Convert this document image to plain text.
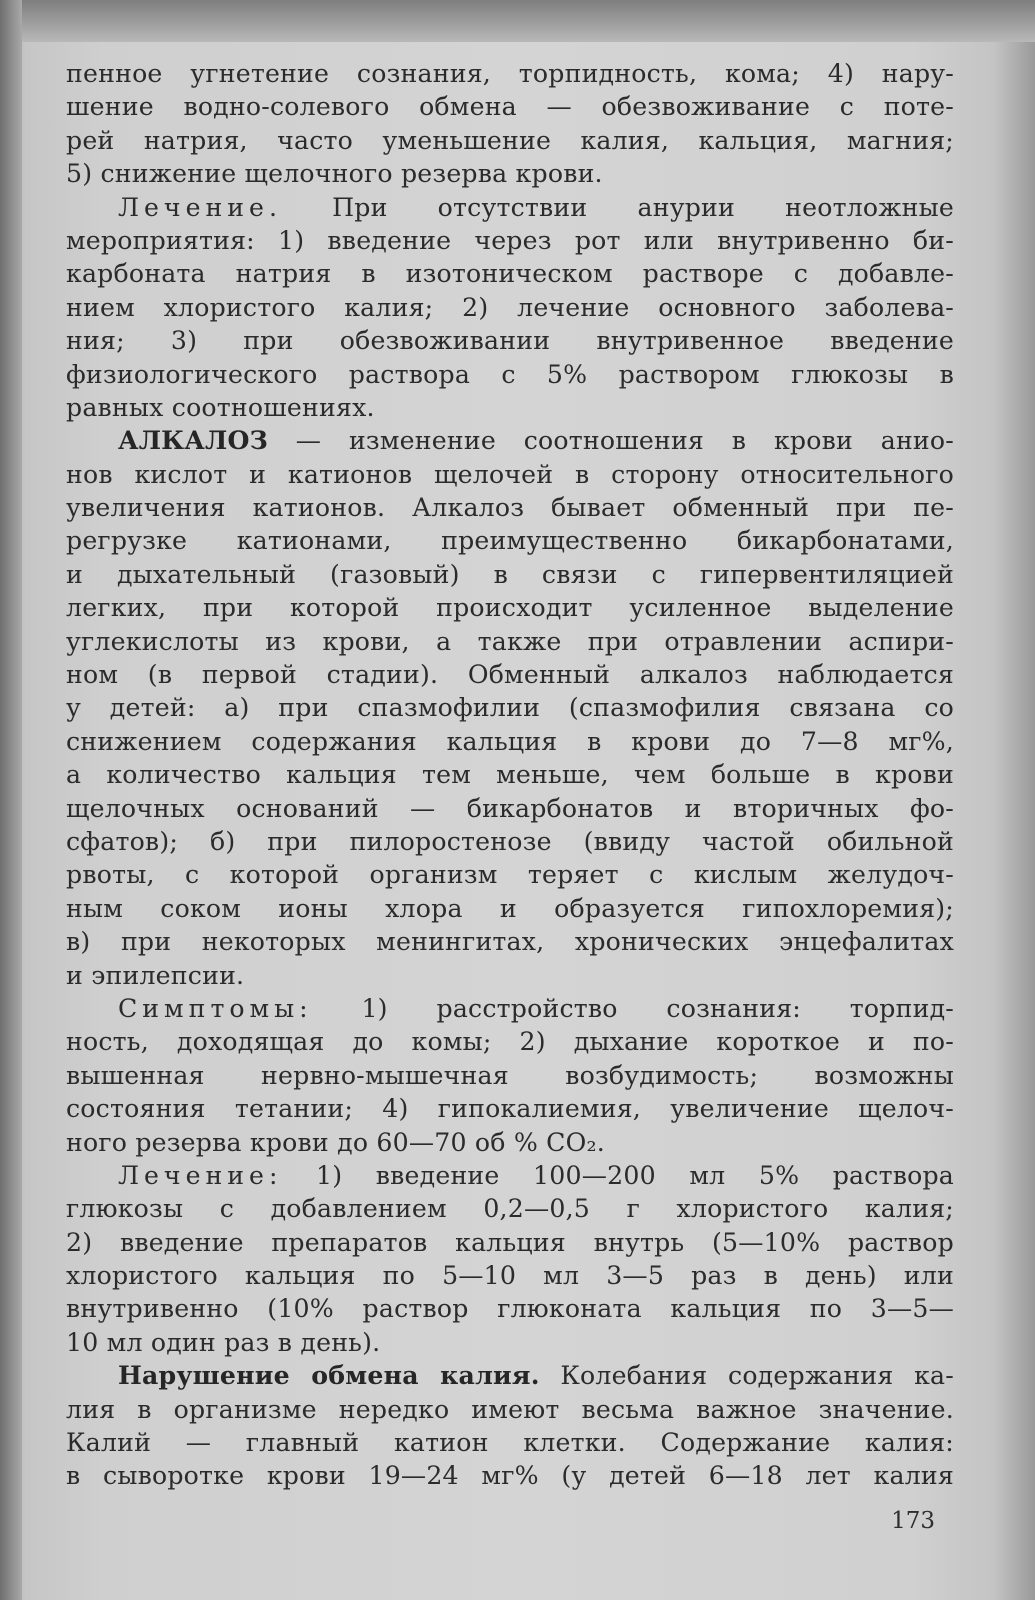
пенное угнетение сознания, торпидность, кома; 4) нару-
шение водно-солевого обмена — обезвоживание с поте-
рей натрия, часто уменьшение калия, кальция, магния;
5) снижение щелочного резерва крови.
Лечение. При отсутствии анурии неотложные
мероприятия: 1) введение через рот или внутривенно би-
карбоната натрия в изотоническом растворе с добавле-
нием хлористого калия; 2) лечение основного заболева-
ния; 3) при обезвоживании внутривенное введение
физиологического раствора с 5% раствором глюкозы в
равных соотношениях.
АЛКАЛОЗ — изменение соотношения в крови анио-
нов кислот и катионов щелочей в сторону относительного
увеличения катионов. Алкалоз бывает обменный при пе-
регрузке катионами, преимущественно бикарбонатами,
и дыхательный (газовый) в связи с гипервентиляцией
легких, при которой происходит усиленное выделение
углекислоты из крови, а также при отравлении аспири-
ном (в первой стадии). Обменный алкалоз наблюдается
у детей: а) при спазмофилии (спазмофилия связана со
снижением содержания кальция в крови до 7—8 мг%,
а количество кальция тем меньше, чем больше в крови
щелочных оснований — бикарбонатов и вторичных фо-
сфатов); б) при пилоростенозе (ввиду частой обильной
рвоты, с которой организм теряет с кислым желудоч-
ным соком ионы хлора и образуется гипохлоремия);
в) при некоторых менингитах, хронических энцефалитах
и эпилепсии.
Симптомы: 1) расстройство сознания: торпид-
ность, доходящая до комы; 2) дыхание короткое и по-
вышенная нервно-мышечная возбудимость; возможны
состояния тетании; 4) гипокалиемия, увеличение щелоч-
ного резерва крови до 60—70 об % CO₂.
Лечение: 1) введение 100—200 мл 5% раствора
глюкозы с добавлением 0,2—0,5 г хлористого калия;
2) введение препаратов кальция внутрь (5—10% раствор
хлористого кальция по 5—10 мл 3—5 раз в день) или
внутривенно (10% раствор глюконата кальция по 3—5—
10 мл один раз в день).
Нарушение обмена калия. Колебания содержания ка-
лия в организме нередко имеют весьма важное значение.
Калий — главный катион клетки. Содержание калия:
в сыворотке крови 19—24 мг% (у детей 6—18 лет калия
173
